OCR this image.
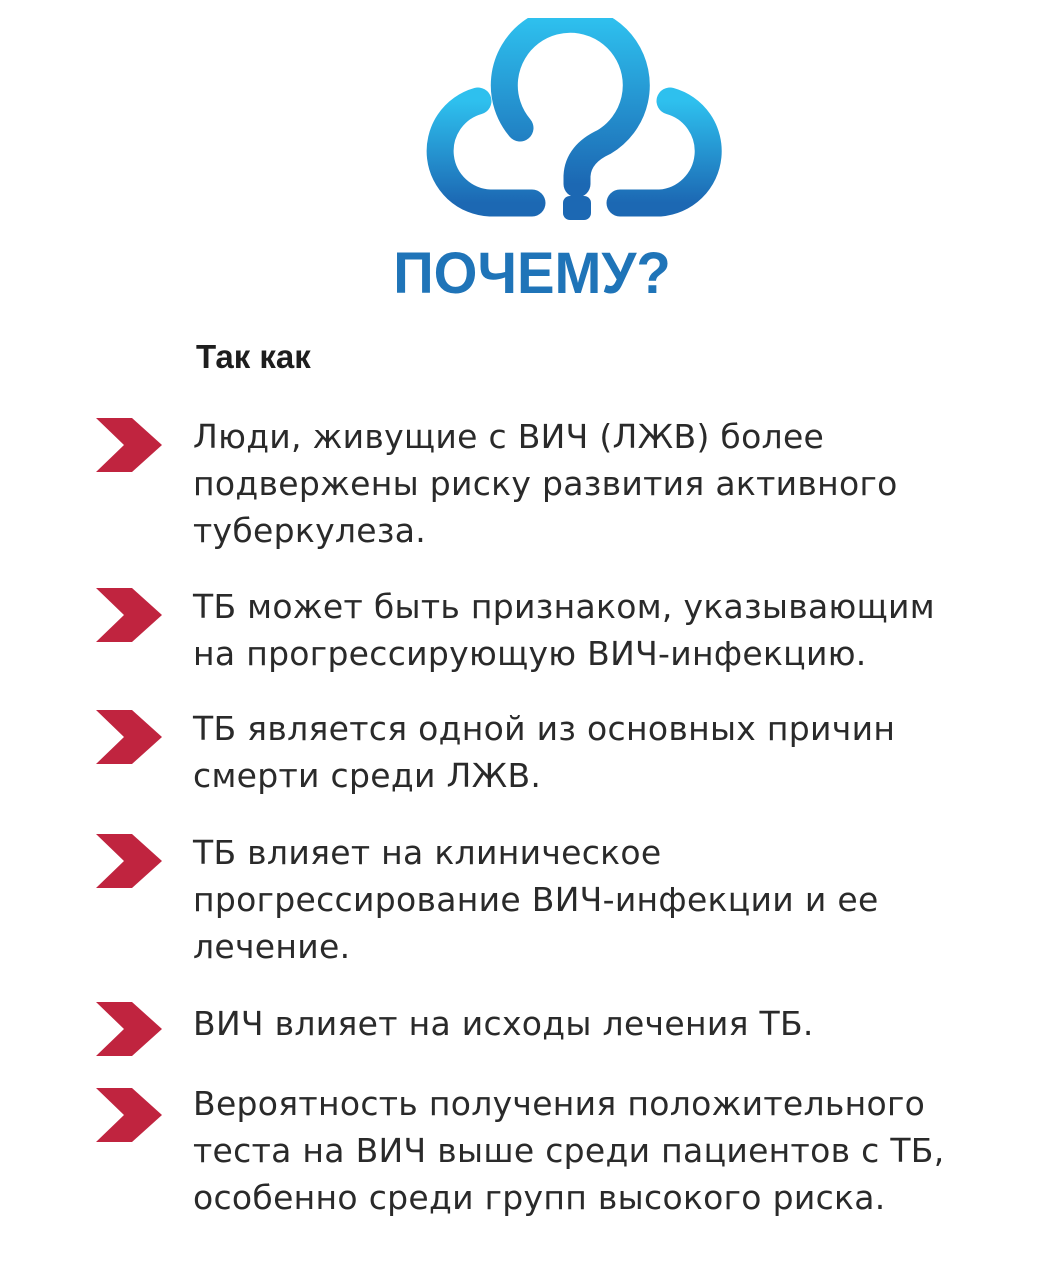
ПОЧЕМУ?
Так как
Люди, живущие с ВИЧ (ЛЖВ) более
подвержены риску развития активного
туберкулеза.
ТБ может быть признаком, указывающим
на прогрессирующую ВИЧ-инфекцию.
ТБ является одной из основных причин
смерти среди ЛЖВ.
ТБ влияет на клиническое
прогрессирование ВИЧ-инфекции и ее
лечение.
ВИЧ влияет на исходы лечения ТБ.
Вероятность получения положительного
теста на ВИЧ выше среди пациентов с ТБ,
особенно среди групп высокого риска.
